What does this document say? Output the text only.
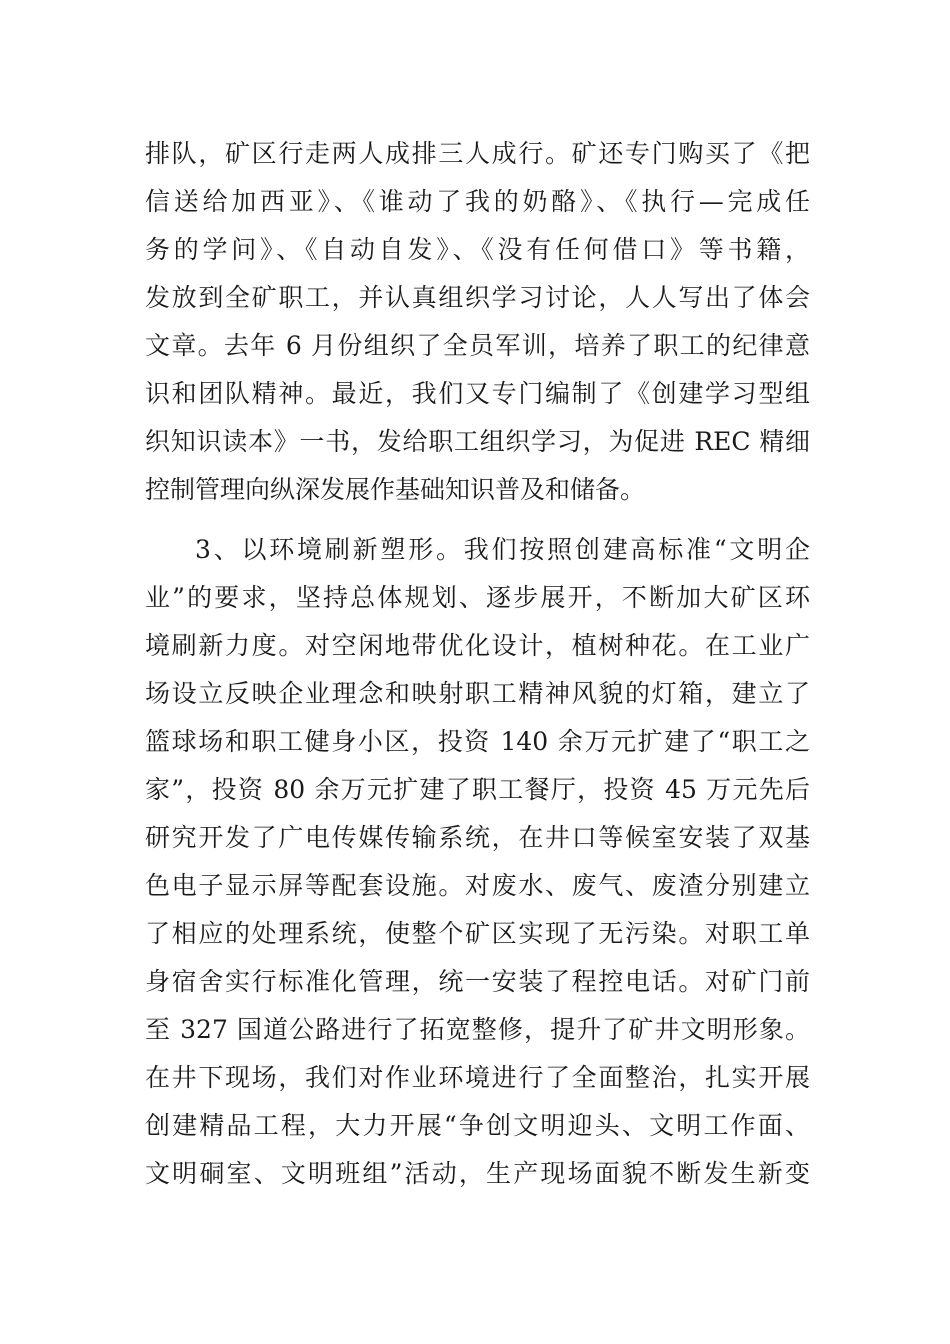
排队，矿区行走两人成排三人成行。矿还专门购买了《把
信送给加西亚》、《谁动了我的奶酪》、《执行—完成任
务的学问》、《自动自发》、《没有任何借口》等书籍，
发放到全矿职工，并认真组织学习讨论，人人写出了体会
文章。去年 6 月份组织了全员军训，培养了职工的纪律意
识和团队精神。最近，我们又专门编制了《创建学习型组
织知识读本》一书，发给职工组织学习，为促进 REC 精细
控制管理向纵深发展作基础知识普及和储备。
3、以环境刷新塑形。我们按照创建高标准“文明企
业”的要求，坚持总体规划、逐步展开，不断加大矿区环
境刷新力度。对空闲地带优化设计，植树种花。在工业广
场设立反映企业理念和映射职工精神风貌的灯箱，建立了
篮球场和职工健身小区，投资 140 余万元扩建了“职工之
家”，投资 80 余万元扩建了职工餐厅，投资 45 万元先后
研究开发了广电传媒传输系统，在井口等候室安装了双基
色电子显示屏等配套设施。对废水、废气、废渣分别建立
了相应的处理系统，使整个矿区实现了无污染。对职工单
身宿舍实行标准化管理，统一安装了程控电话。对矿门前
至 327 国道公路进行了拓宽整修，提升了矿井文明形象。
在井下现场，我们对作业环境进行了全面整治，扎实开展
创建精品工程，大力开展“争创文明迎头、文明工作面、
文明硐室、文明班组”活动，生产现场面貌不断发生新变
